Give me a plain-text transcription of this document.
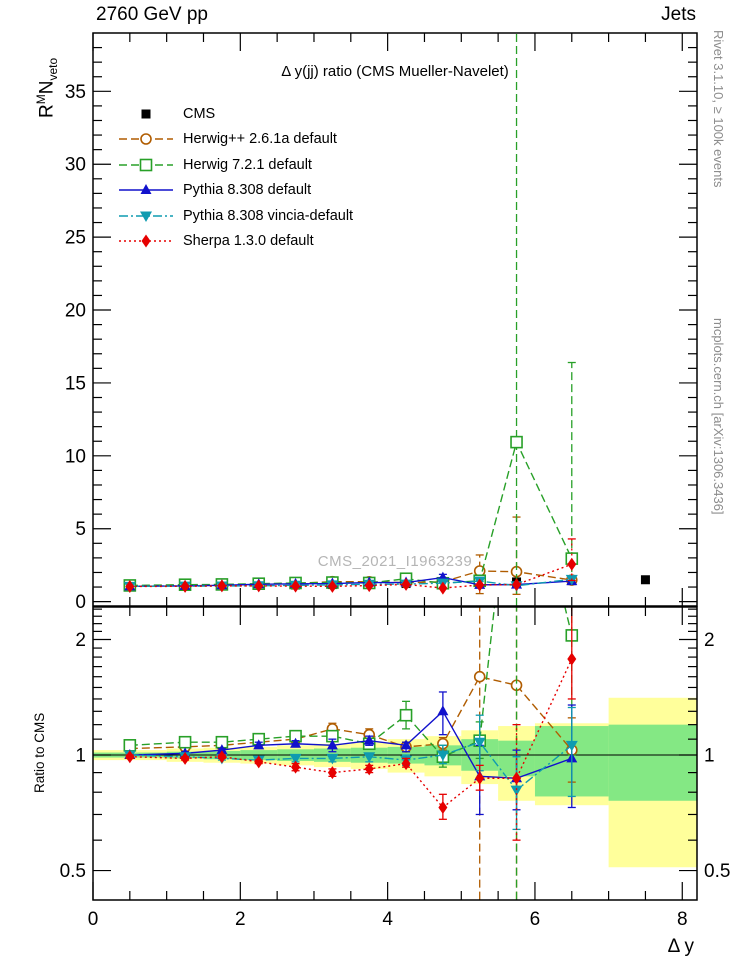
0
5
10
15
20
25
30
35
0.5	0.5
1	1
2	2
0	2	4	6	8
2760 GeV pp	Jets
Δ y(jj) ratio (CMS Mueller-Navelet)
$R^MN_{veto}$
Ratio to CMS
Δ y
CMS_2021_I1963239
Rivet 3.1.10, ≥ 100k events
mcplots.cern.ch [arXiv:1306.3436]
CMS
Herwig++ 2.6.1a default
Herwig 7.2.1 default
Pythia 8.308 default
Pythia 8.308 vincia-default
Sherpa 1.3.0 default
